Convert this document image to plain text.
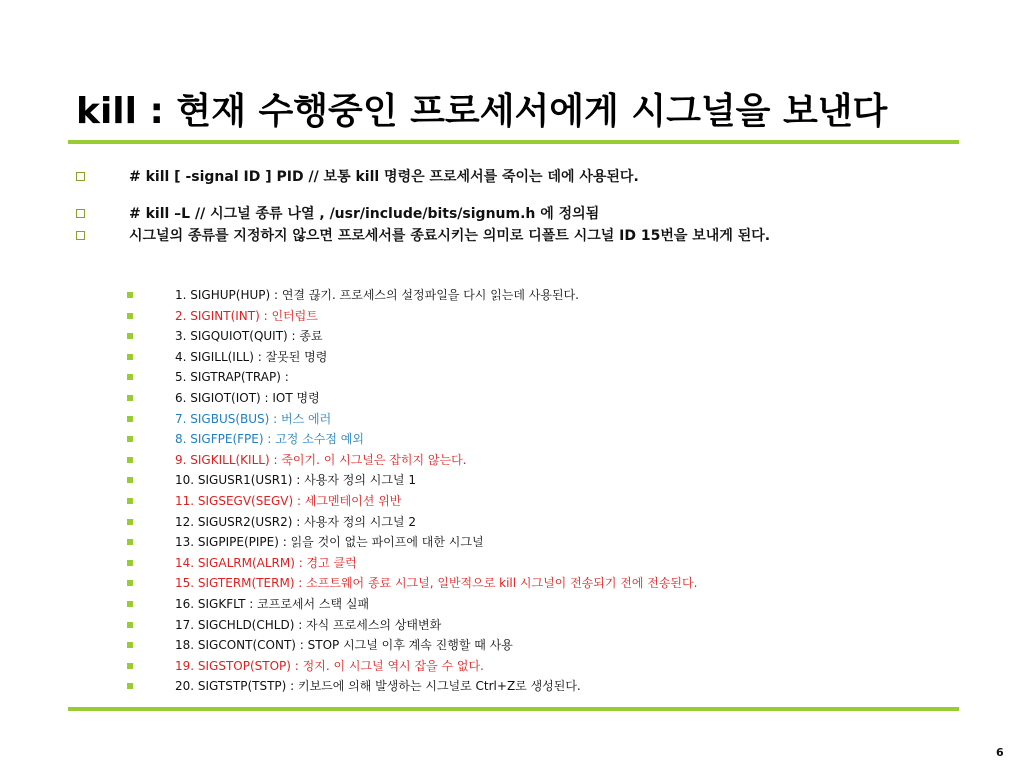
kill : 현재 수행중인 프로세서에게 시그널을 보낸다
# kill [ -signal ID ] PID // 보통 kill 명령은 프로세서를 죽이는 데에 사용된다.
# kill –L // 시그널 종류 나열 , /usr/include/bits/signum.h 에 정의됨
시그널의 종류를 지정하지 않으면 프로세서를 종료시키는 의미로 디폴트 시그널 ID 15번을 보내게 된다.
1. SIGHUP(HUP) : 연결 끊기. 프로세스의 설정파일을 다시 읽는데 사용된다.
2. SIGINT(INT) : 인터럽트
3. SIGQUIOT(QUIT) : 종료
4. SIGILL(ILL) : 잘못된 명령
5. SIGTRAP(TRAP) :
6. SIGIOT(IOT) : IOT 명령
7. SIGBUS(BUS) : 버스 에러
8. SIGFPE(FPE) : 고정 소수점 예외
9. SIGKILL(KILL) : 죽이기. 이 시그널은 잡히지 않는다.
10. SIGUSR1(USR1) : 사용자 정의 시그널 1
11. SIGSEGV(SEGV) : 세그멘테이션 위반
12. SIGUSR2(USR2) : 사용자 정의 시그널 2
13. SIGPIPE(PIPE) : 읽을 것이 없는 파이프에 대한 시그널
14. SIGALRM(ALRM) : 경고 클럭
15. SIGTERM(TERM) : 소프트웨어 종료 시그널, 일반적으로 kill 시그널이 전송되기 전에 전송된다.
16. SIGKFLT : 코프로세서 스택 실패
17. SIGCHLD(CHLD) : 자식 프로세스의 상태변화
18. SIGCONT(CONT) : STOP 시그널 이후 계속 진행할 때 사용
19. SIGSTOP(STOP) : 정지. 이 시그널 역시 잡을 수 없다.
20. SIGTSTP(TSTP) : 키보드에 의해 발생하는 시그널로 Ctrl+Z로 생성된다.
6
